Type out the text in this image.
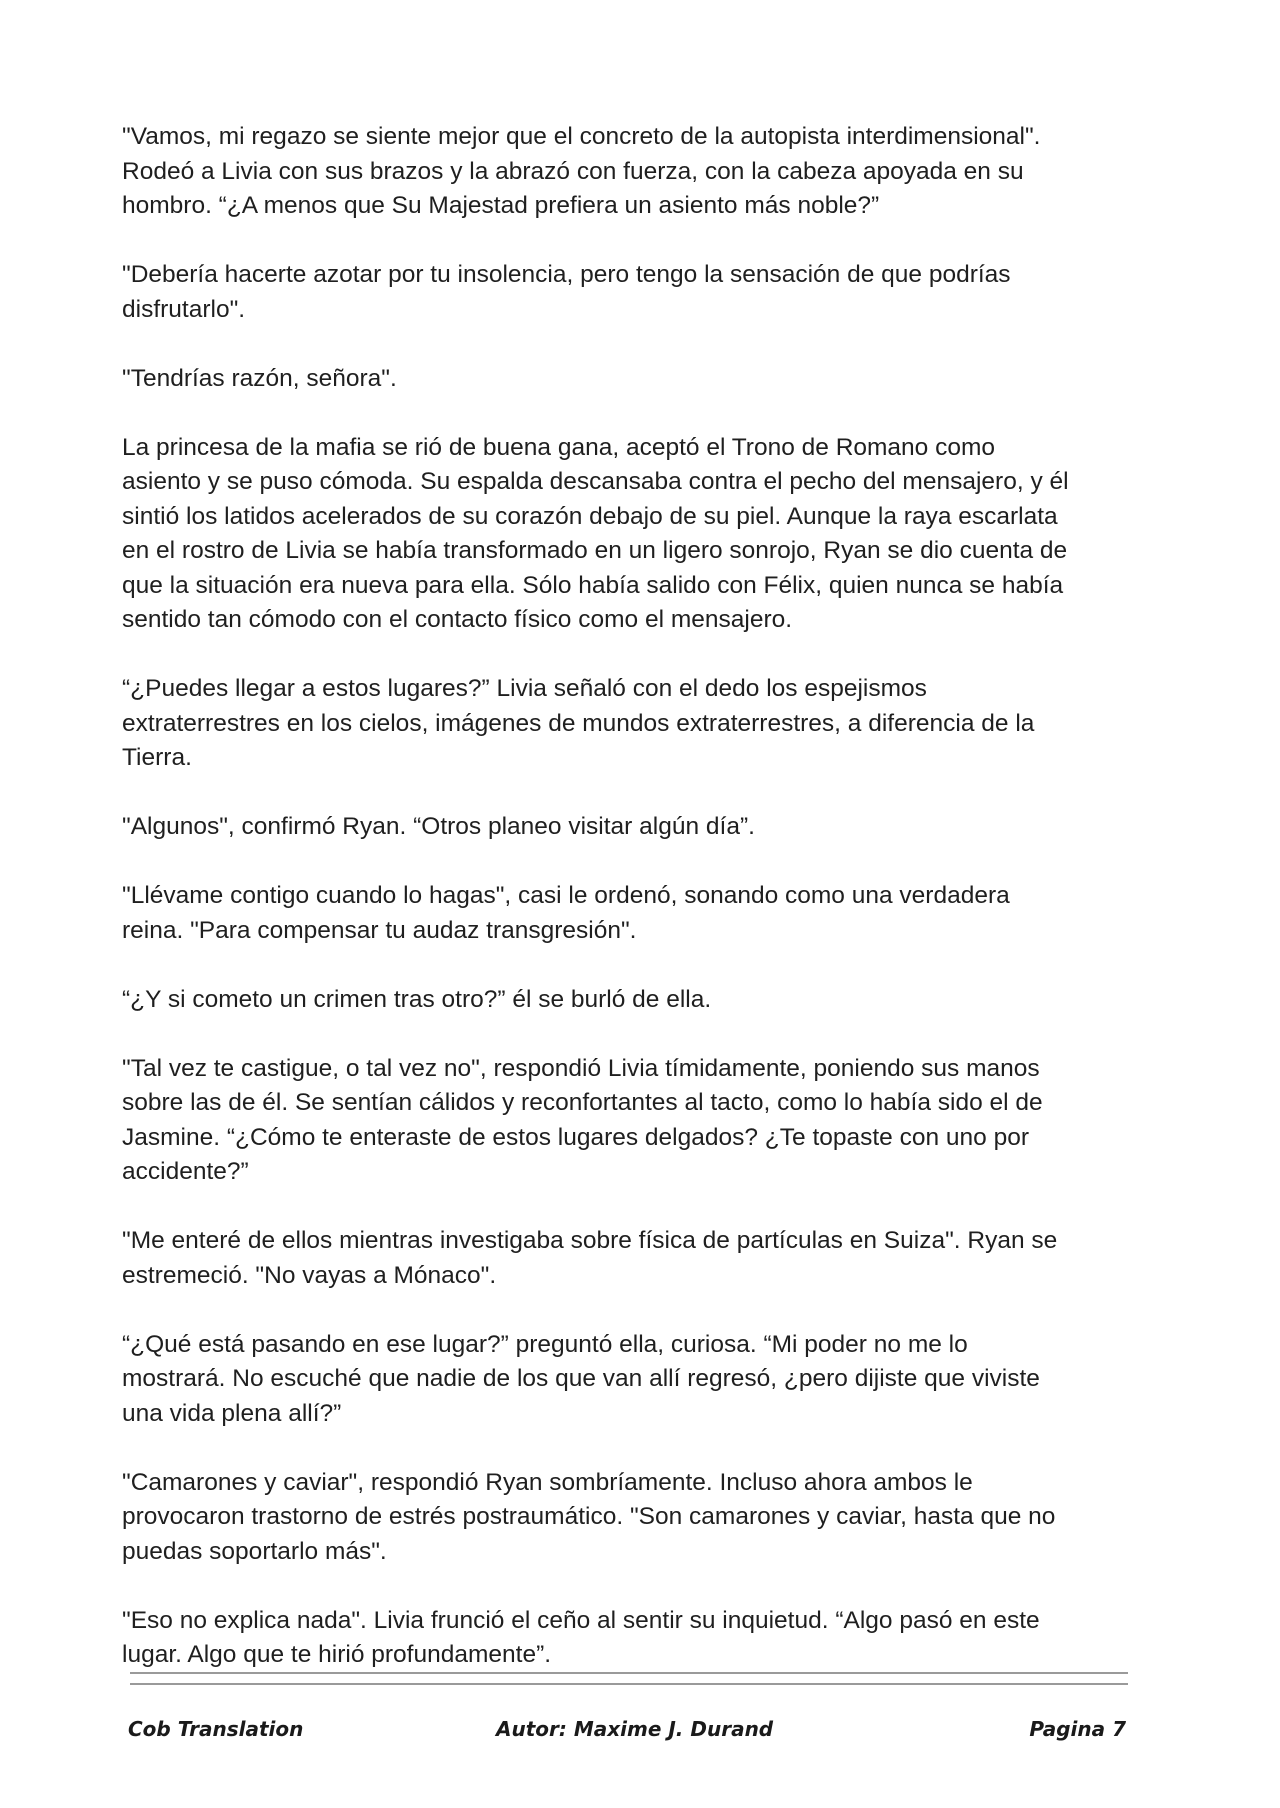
"Vamos, mi regazo se siente mejor que el concreto de la autopista interdimensional".
Rodeó a Livia con sus brazos y la abrazó con fuerza, con la cabeza apoyada en su
hombro. “¿A menos que Su Majestad prefiera un asiento más noble?”

"Debería hacerte azotar por tu insolencia, pero tengo la sensación de que podrías
disfrutarlo".

"Tendrías razón, señora".

La princesa de la mafia se rió de buena gana, aceptó el Trono de Romano como
asiento y se puso cómoda. Su espalda descansaba contra el pecho del mensajero, y él
sintió los latidos acelerados de su corazón debajo de su piel. Aunque la raya escarlata
en el rostro de Livia se había transformado en un ligero sonrojo, Ryan se dio cuenta de
que la situación era nueva para ella. Sólo había salido con Félix, quien nunca se había
sentido tan cómodo con el contacto físico como el mensajero.

“¿Puedes llegar a estos lugares?” Livia señaló con el dedo los espejismos
extraterrestres en los cielos, imágenes de mundos extraterrestres, a diferencia de la
Tierra.

"Algunos", confirmó Ryan. “Otros planeo visitar algún día”.

"Llévame contigo cuando lo hagas", casi le ordenó, sonando como una verdadera
reina. "Para compensar tu audaz transgresión".

“¿Y si cometo un crimen tras otro?” él se burló de ella.

"Tal vez te castigue, o tal vez no", respondió Livia tímidamente, poniendo sus manos
sobre las de él. Se sentían cálidos y reconfortantes al tacto, como lo había sido el de
Jasmine. “¿Cómo te enteraste de estos lugares delgados? ¿Te topaste con uno por
accidente?”

"Me enteré de ellos mientras investigaba sobre física de partículas en Suiza". Ryan se
estremeció. "No vayas a Mónaco".

“¿Qué está pasando en ese lugar?” preguntó ella, curiosa. “Mi poder no me lo
mostrará. No escuché que nadie de los que van allí regresó, ¿pero dijiste que viviste
una vida plena allí?”

"Camarones y caviar", respondió Ryan sombríamente. Incluso ahora ambos le
provocaron trastorno de estrés postraumático. "Son camarones y caviar, hasta que no
puedas soportarlo más".

"Eso no explica nada". Livia frunció el ceño al sentir su inquietud. “Algo pasó en este
lugar. Algo que te hirió profundamente”.

Cob Translation	Autor: Maxime J. Durand	Pagina 7
